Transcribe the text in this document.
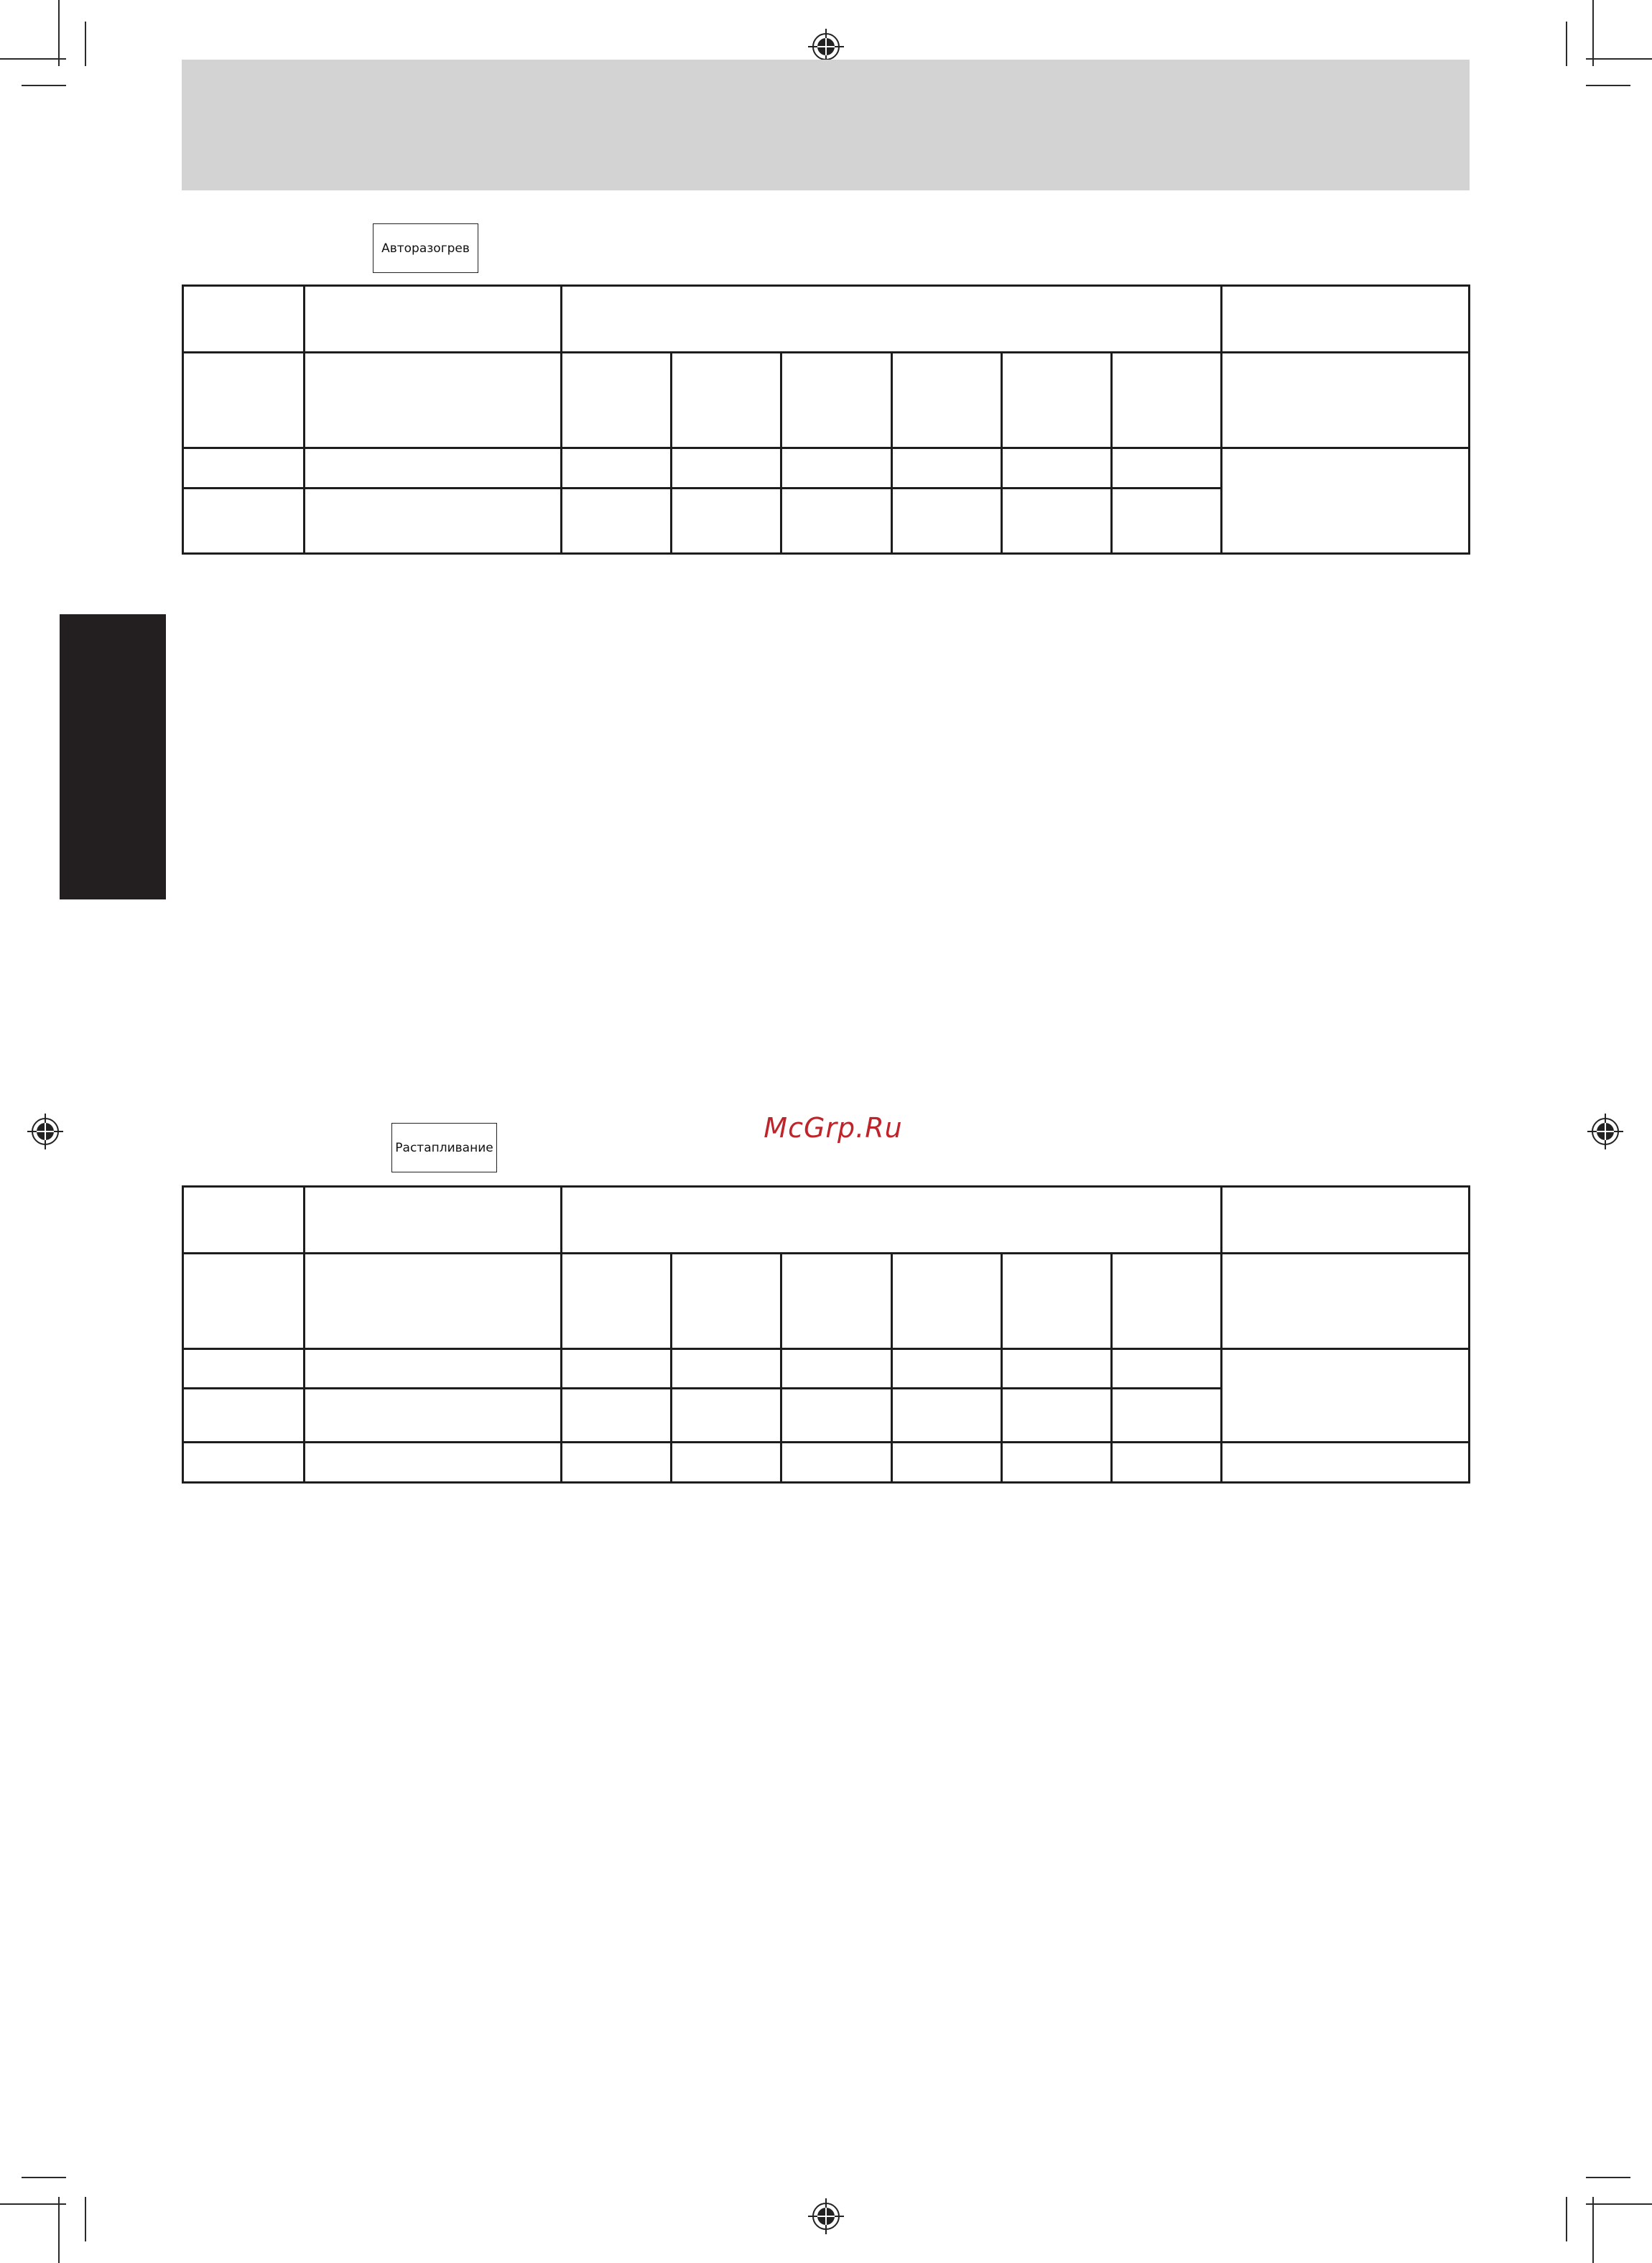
Авторазогрев
McGrp.Ru
Растапливание
